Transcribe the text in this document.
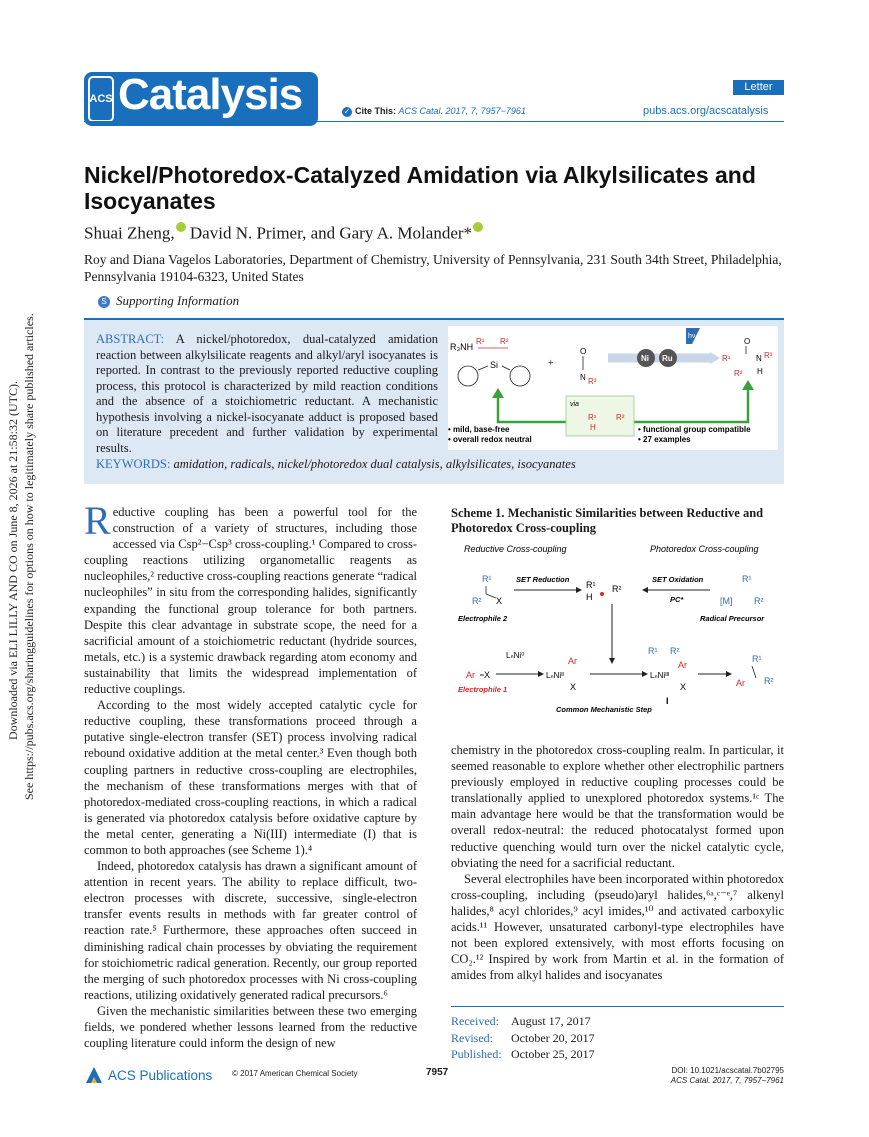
ACS Catalysis	Letter
✓ Cite This: ACS Catal. 2017, 7, 7957−7961	pubs.acs.org/acscatalysis
Downloaded via ELI LILLY AND CO on June 8, 2026 at 21:58:32 (UTC). See https://pubs.acs.org/sharingguidelines for options on how to legitimately share published articles.
Nickel/Photoredox-Catalyzed Amidation via Alkylsilicates and Isocyanates
Shuai Zheng, David N. Primer, and Gary A. Molander*
Roy and Diana Vagelos Laboratories, Department of Chemistry, University of Pennsylvania, 231 South 34th Street, Philadelphia, Pennsylvania 19104-6323, United States
S Supporting Information
ABSTRACT: A nickel/photoredox, dual-catalyzed amidation reaction between alkylsilicate reagents and alkyl/aryl isocyanates is reported. In contrast to the previously reported reductive coupling process, this protocol is characterized by mild reaction conditions and the absence of a stoichiometric reductant. A mechanistic hypothesis involving a nickel-isocyanate adduct is proposed based on literature precedent and further validation by experimental results.
KEYWORDS: amidation, radicals, nickel/photoredox dual catalysis, alkylsilicates, isocyanates
R₃NH
R¹ R²
Si	+
O
N R³
Ni Ru
hν
R¹
O
N R³
R² H
via
R¹ R²
H
• mild, base-free
• overall redox neutral
• functional group compatible
• 27 examples

Reductive coupling has been a powerful tool for the construction of a variety of structures, including those accessed via Csp²−Csp³ cross-coupling.¹ Compared to cross-coupling reactions utilizing organometallic reagents as nucleophiles,² reductive cross-coupling reactions generate “radical nucleophiles” in situ from the corresponding halides, significantly expanding the functional group tolerance for both partners. Despite this clear advantage in substrate scope, the need for a sacrificial amount of a stoichiometric reductant (hydride sources, metals, etc.) is a systemic drawback regarding atom economy and sustainability that limits the widespread implementation of reductive couplings.

According to the most widely accepted catalytic cycle for reductive coupling, these transformations proceed through a putative single-electron transfer (SET) process involving radical rebound oxidative addition at the metal center.³ Even though both coupling partners in reductive cross-coupling are electrophiles, the mechanism of these transformations merges with that of photoredox-mediated cross-coupling reactions, in which a radical is generated via photoredox catalysis before oxidative capture by the metal center, generating a Ni(III) intermediate (I) that is common to both approaches (see Scheme 1).⁴

Indeed, photoredox catalysis has drawn a significant amount of attention in recent years. The ability to replace difficult, two-electron processes with discrete, successive, single-electron transfer events results in methods with far greater control of reaction rate.⁵ Furthermore, these approaches often succeed in diminishing radical chain processes by obviating the requirement for stoichiometric radical generation. Recently, our group reported the merging of such photoredox processes with Ni cross-coupling reactions, utilizing oxidatively generated radical precursors.⁶

Given the mechanistic similarities between these two emerging fields, we pondered whether lessons learned from the reductive coupling literature could inform the design of new

Scheme 1. Mechanistic Similarities between Reductive and Photoredox Cross-coupling
Reductive Cross-coupling	Photoredox Cross-coupling
R¹
R² X
Electrophile 2
SET Reduction
R¹ R²
H
SET Oxidation
PC*
R¹
[M] R²
Radical Precursor
Ar X
Electrophile 1
LₙNi⁰
LₙNiᴵᴵ
Ar
X
R¹ R²
LₙNiᴵᴵᴵ
Ar
X
I
R¹
Ar R²
Common Mechanistic Step

chemistry in the photoredox cross-coupling realm. In particular, it seemed reasonable to explore whether other electrophilic partners previously employed in reductive coupling processes could be translationally applied to unexplored photoredox systems.¹ᶜ The main advantage here would be that the transformation would be overall redox-neutral: the reduced photocatalyst formed upon reductive quenching would turn over the nickel catalytic cycle, obviating the need for a sacrificial reductant.

Several electrophiles have been incorporated within photoredox cross-coupling, including (pseudo)aryl halides,⁶ᵃ,ᶜ⁻ᵉ,⁷ alkenyl halides,⁸ acyl chlorides,⁹ acyl imides,¹⁰ and activated carboxylic acids.¹¹ However, unsaturated carbonyl-type electrophiles have not been explored extensively, with most efforts focusing on CO₂.¹² Inspired by work from Martin et al. in the formation of amides from alkyl halides and isocyanates

Received: August 17, 2017
Revised: October 20, 2017
Published: October 25, 2017
ACS Publications © 2017 American Chemical Society	7957	DOI: 10.1021/acscatal.7b02795
ACS Catal. 2017, 7, 7957−7961
